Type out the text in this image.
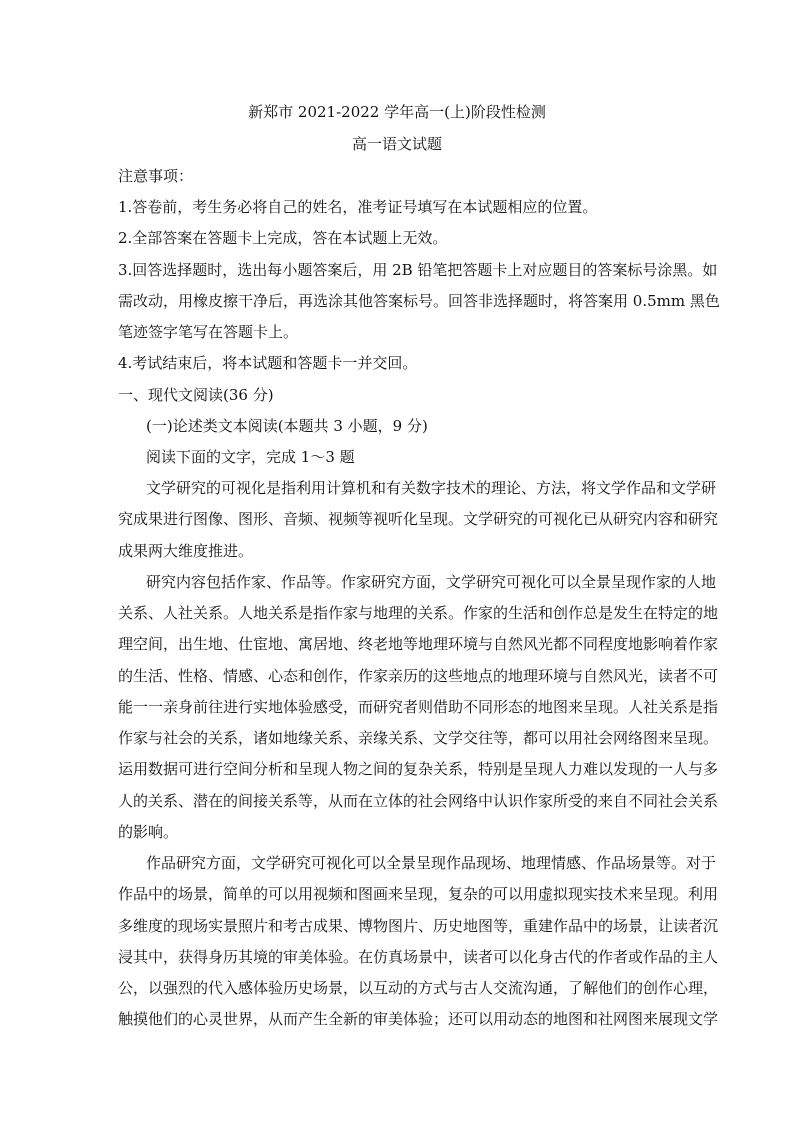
新郑市 2021-2022 学年高一(上)阶段性检测
高一语文试题
注意事项：
1.答卷前，考生务必将自己的姓名，准考证号填写在本试题相应的位置。
2.全部答案在答题卡上完成，答在本试题上无效。
3.回答选择题时，选出每小题答案后，用 2B 铅笔把答题卡上对应题目的答案标号涂黑。如
需改动，用橡皮擦干净后，再选涂其他答案标号。回答非选择题时，将答案用 0.5mm 黑色
笔迹签字笔写在答题卡上。
4.考试结束后，将本试题和答题卡一并交回。
一、现代文阅读(36 分)
(一)论述类文本阅读(本题共 3 小题，9 分)
阅读下面的文字，完成 1～3 题
文学研究的可视化是指利用计算机和有关数字技术的理论、方法，将文学作品和文学研
究成果进行图像、图形、音频、视频等视听化呈现。文学研究的可视化已从研究内容和研究
成果两大维度推进。
研究内容包括作家、作品等。作家研究方面，文学研究可视化可以全景呈现作家的人地
关系、人社关系。人地关系是指作家与地理的关系。作家的生活和创作总是发生在特定的地
理空间，出生地、仕宦地、寓居地、终老地等地理环境与自然风光都不同程度地影响着作家
的生活、性格、情感、心态和创作，作家亲历的这些地点的地理环境与自然风光，读者不可
能一一亲身前往进行实地体验感受，而研究者则借助不同形态的地图来呈现。人社关系是指
作家与社会的关系，诸如地缘关系、亲缘关系、文学交往等，都可以用社会网络图来呈现。
运用数据可进行空间分析和呈现人物之间的复杂关系，特别是呈现人力难以发现的一人与多
人的关系、潜在的间接关系等，从而在立体的社会网络中认识作家所受的来自不同社会关系
的影响。
作品研究方面，文学研究可视化可以全景呈现作品现场、地理情感、作品场景等。对于
作品中的场景，简单的可以用视频和图画来呈现，复杂的可以用虚拟现实技术来呈现。利用
多维度的现场实景照片和考古成果、博物图片、历史地图等，重建作品中的场景，让读者沉
浸其中，获得身历其境的审美体验。在仿真场景中，读者可以化身古代的作者或作品的主人
公，以强烈的代入感体验历史场景，以互动的方式与古人交流沟通，了解他们的创作心理，
触摸他们的心灵世界，从而产生全新的审美体验；还可以用动态的地图和社网图来展现文学
